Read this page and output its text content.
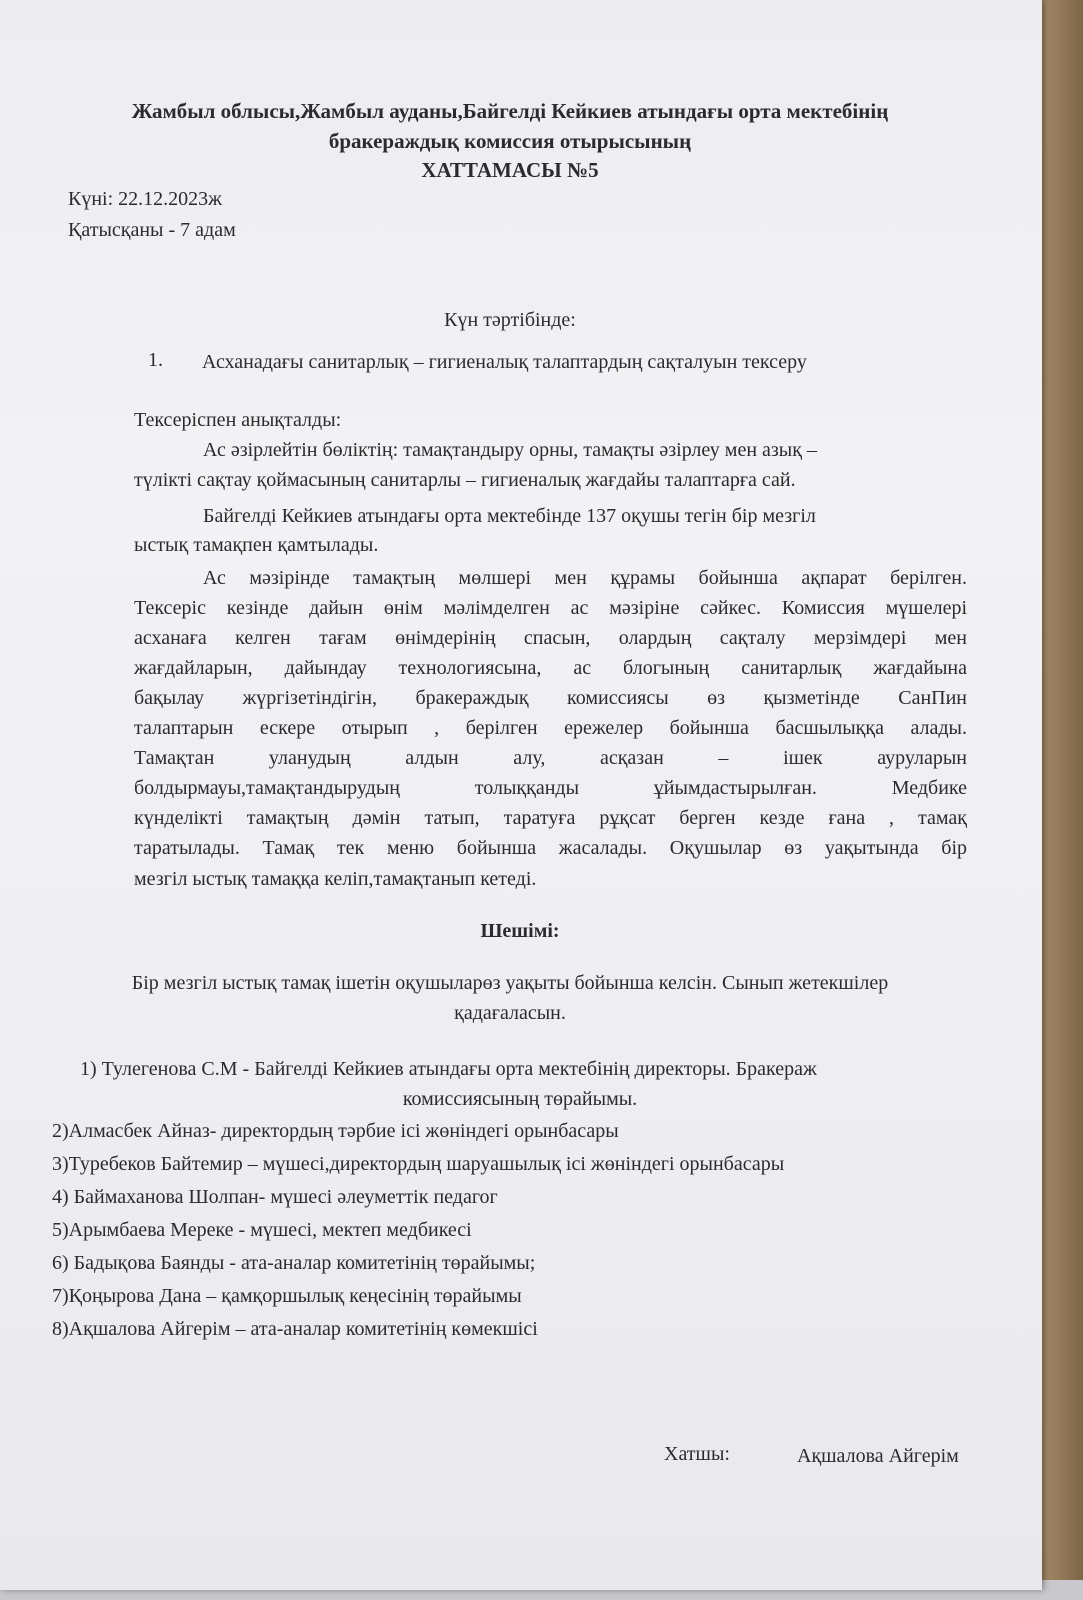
Жамбыл облысы,Жамбыл ауданы,Байгелді Кейкиев атындағы орта мектебінің
бракераждық комиссия отырысының
ХАТТАМАСЫ №5
Күні: 22.12.2023ж
Қатысқаны - 7 адам
Күн тәртібінде:
1. Асханадағы санитарлық – гигиеналық талаптардың сақталуын тексеру
Тексеріспен анықталды:
Ас әзірлейтін бөліктің: тамақтандыру орны, тамақты әзірлеу мен азық –
түлікті сақтау қоймасының санитарлы – гигиеналық жағдайы талаптарға сай.
Байгелді Кейкиев атындағы орта мектебінде 137 оқушы тегін бір мезгіл
ыстық тамақпен қамтылады.
Ас мәзірінде тамақтың мөлшері мен құрамы бойынша ақпарат берілген.
Тексеріс кезінде дайын өнім мәлімделген ас мәзіріне сәйкес. Комиссия мүшелері
асханаға келген тағам өнімдерінің спасын, олардың сақталу мерзімдері мен
жағдайларын, дайындау технологиясына, ас блогының санитарлық жағдайына
бақылау жүргізетіндігін, бракераждық комиссиясы өз қызметінде СанПин
талаптарын ескере отырып , берілген ережелер бойынша басшылыққа алады.
Тамақтан уланудың алдын алу, асқазан – ішек ауруларын
болдырмауы,тамақтандырудың толыққанды ұйымдастырылған. Медбике
күнделікті тамақтың дәмін татып, таратуға рұқсат берген кезде ғана , тамақ
таратылады. Тамақ тек меню бойынша жасалады. Оқушылар өз уақытында бір
мезгіл ыстық тамаққа келіп,тамақтанып кетеді.
Шешімі:
Бір мезгіл ыстық тамақ ішетін оқушыларөз уақыты бойынша келсін. Сынып жетекшілер
қадағаласын.
1) Тулегенова С.М - Байгелді Кейкиев атындағы орта мектебінің директоры. Бракераж
комиссиясының төрайымы.
2)Алмасбек Айназ- директордың тәрбие ісі жөніндегі орынбасары
3)Туребеков Байтемир – мүшесі,директордың шаруашылық ісі жөніндегі орынбасары
4) Баймаханова Шолпан- мүшесі әлеуметтік педагог
5)Арымбаева Мереке - мүшесі, мектеп медбикесі
6) Бадықова Баянды - ата-аналар комитетінің төрайымы;
7)Қоңырова Дана – қамқоршылық кеңесінің төрайымы
8)Ақшалова Айгерім – ата-аналар комитетінің көмекшісі
Хатшы:	Ақшалова Айгерім
